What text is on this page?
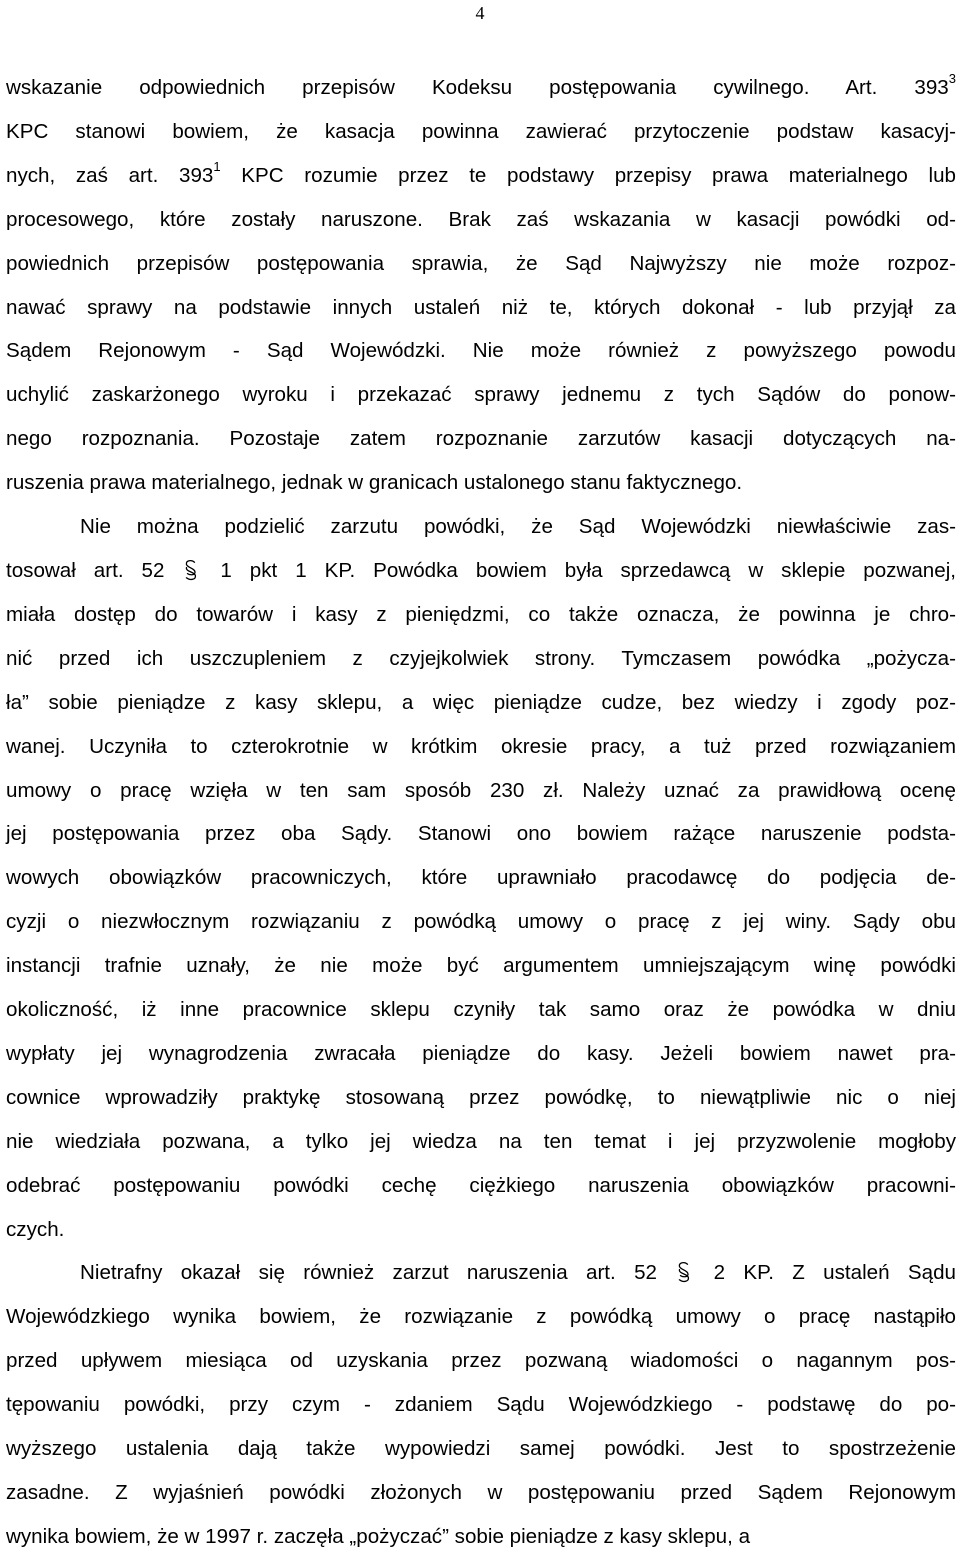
4
wskazanie odpowiednich przepisów Kodeksu postępowania cywilnego. Art. $393^3$
KPC stanowi bowiem, że kasacja powinna zawierać przytoczenie podstaw kasacyj-
nych, zaś art. $393^1$ KPC rozumie przez te podstawy przepisy prawa materialnego lub
procesowego, które zostały naruszone. Brak zaś wskazania w kasacji powódki od-
powiednich przepisów postępowania sprawia, że Sąd Najwyższy nie może rozpoz-
nawać sprawy na podstawie innych ustaleń niż te, których dokonał - lub przyjął za
Sądem Rejonowym - Sąd Wojewódzki. Nie może również z powyższego powodu
uchylić zaskarżonego wyroku i przekazać sprawy jednemu z tych Sądów do ponow-
nego rozpoznania. Pozostaje zatem rozpoznanie zarzutów kasacji dotyczących na-
ruszenia prawa materialnego, jednak w granicach ustalonego stanu faktycznego.
Nie można podzielić zarzutu powódki, że Sąd Wojewódzki niewłaściwie zas-
tosował art. 52  1 pkt 1 KP. Powódka bowiem była sprzedawcą w sklepie pozwanej,
miała dostęp do towarów i kasy z pieniędzmi, co także oznacza, że powinna je chro-
nić przed ich uszczupleniem z czyjejkolwiek strony. Tymczasem powódka „pożycza-
ła” sobie pieniądze z kasy sklepu, a więc pieniądze cudze, bez wiedzy i zgody poz-
wanej. Uczyniła to czterokrotnie w krótkim okresie pracy, a tuż przed rozwiązaniem
umowy o pracę wzięła w ten sam sposób 230 zł. Należy uznać za prawidłową ocenę
jej postępowania przez oba Sądy. Stanowi ono bowiem rażące naruszenie podsta-
wowych obowiązków pracowniczych, które uprawniało pracodawcę do podjęcia de-
cyzji o niezwłocznym rozwiązaniu z powódką umowy o pracę z jej winy. Sądy obu
instancji trafnie uznały, że nie może być argumentem umniejszającym winę powódki
okoliczność, iż inne pracownice sklepu czyniły tak samo oraz że powódka w dniu
wypłaty jej wynagrodzenia zwracała pieniądze do kasy. Jeżeli bowiem nawet pra-
cownice wprowadziły praktykę stosowaną przez powódkę, to niewątpliwie nic o niej
nie wiedziała pozwana, a tylko jej wiedza na ten temat i jej przyzwolenie mogłoby
odebrać postępowaniu powódki cechę ciężkiego naruszenia obowiązków pracowni-
czych.
Nietrafny okazał się również zarzut naruszenia art. 52  2 KP. Z ustaleń Sądu
Wojewódzkiego wynika bowiem, że rozwiązanie z powódką umowy o pracę nastąpiło
przed upływem miesiąca od uzyskania przez pozwaną wiadomości o nagannym pos-
tępowaniu powódki, przy czym - zdaniem Sądu Wojewódzkiego - podstawę do po-
wyższego ustalenia dają także wypowiedzi samej powódki. Jest to spostrzeżenie
zasadne. Z wyjaśnień powódki złożonych w postępowaniu przed Sądem Rejonowym
wynika bowiem, że w 1997 r. zaczęła „pożyczać” sobie pieniądze z kasy sklepu, a
